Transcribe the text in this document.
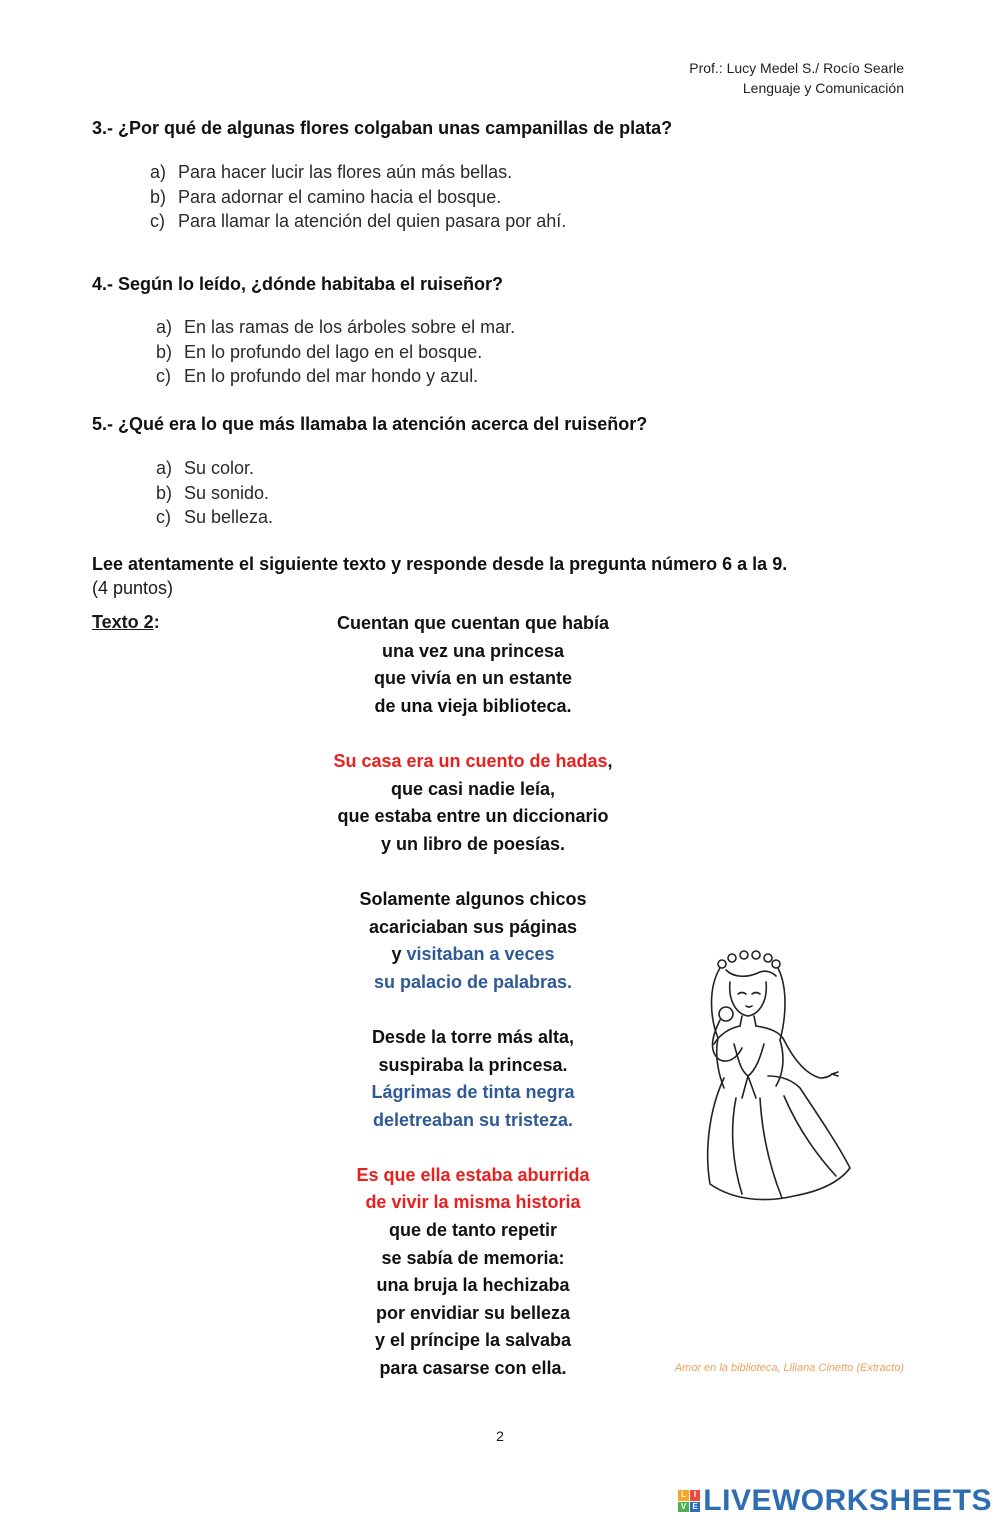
Prof.: Lucy Medel S./ Rocío Searle
Lenguaje y Comunicación
3.- ¿Por qué de algunas flores colgaban unas campanillas de plata?
a) Para hacer lucir las flores aún más bellas.
b) Para adornar el camino hacia el bosque.
c) Para llamar la atención del quien pasara por ahí.
4.- Según lo leído, ¿dónde habitaba el ruiseñor?
a) En las ramas de los árboles sobre el mar.
b) En lo profundo del lago en el bosque.
c) En lo profundo del mar hondo y azul.
5.- ¿Qué era lo que más llamaba la atención acerca del ruiseñor?
a) Su color.
b) Su sonido.
c) Su belleza.
Lee atentamente el siguiente texto y responde desde la pregunta número 6 a la 9.
(4 puntos)
Texto 2:	Cuentan que cuentan que había
una vez una princesa
que vivía en un estante
de una vieja biblioteca.
Su casa era un cuento de hadas,
que casi nadie leía,
que estaba entre un diccionario
y un libro de poesías.
Solamente algunos chicos
acariciaban sus páginas
y visitaban a veces
su palacio de palabras.
Desde la torre más alta,
suspiraba la princesa.
Lágrimas de tinta negra
deletreaban su tristeza.
Es que ella estaba aburrida
de vivir la misma historia
que de tanto repetir
se sabía de memoria:
una bruja la hechizaba
por envidiar su belleza
y el príncipe la salvaba
para casarse con ella.	Amor en la biblioteca, Liliana Cinetto (Extracto)
2
L I
V E LIVEWORKSHEETS
